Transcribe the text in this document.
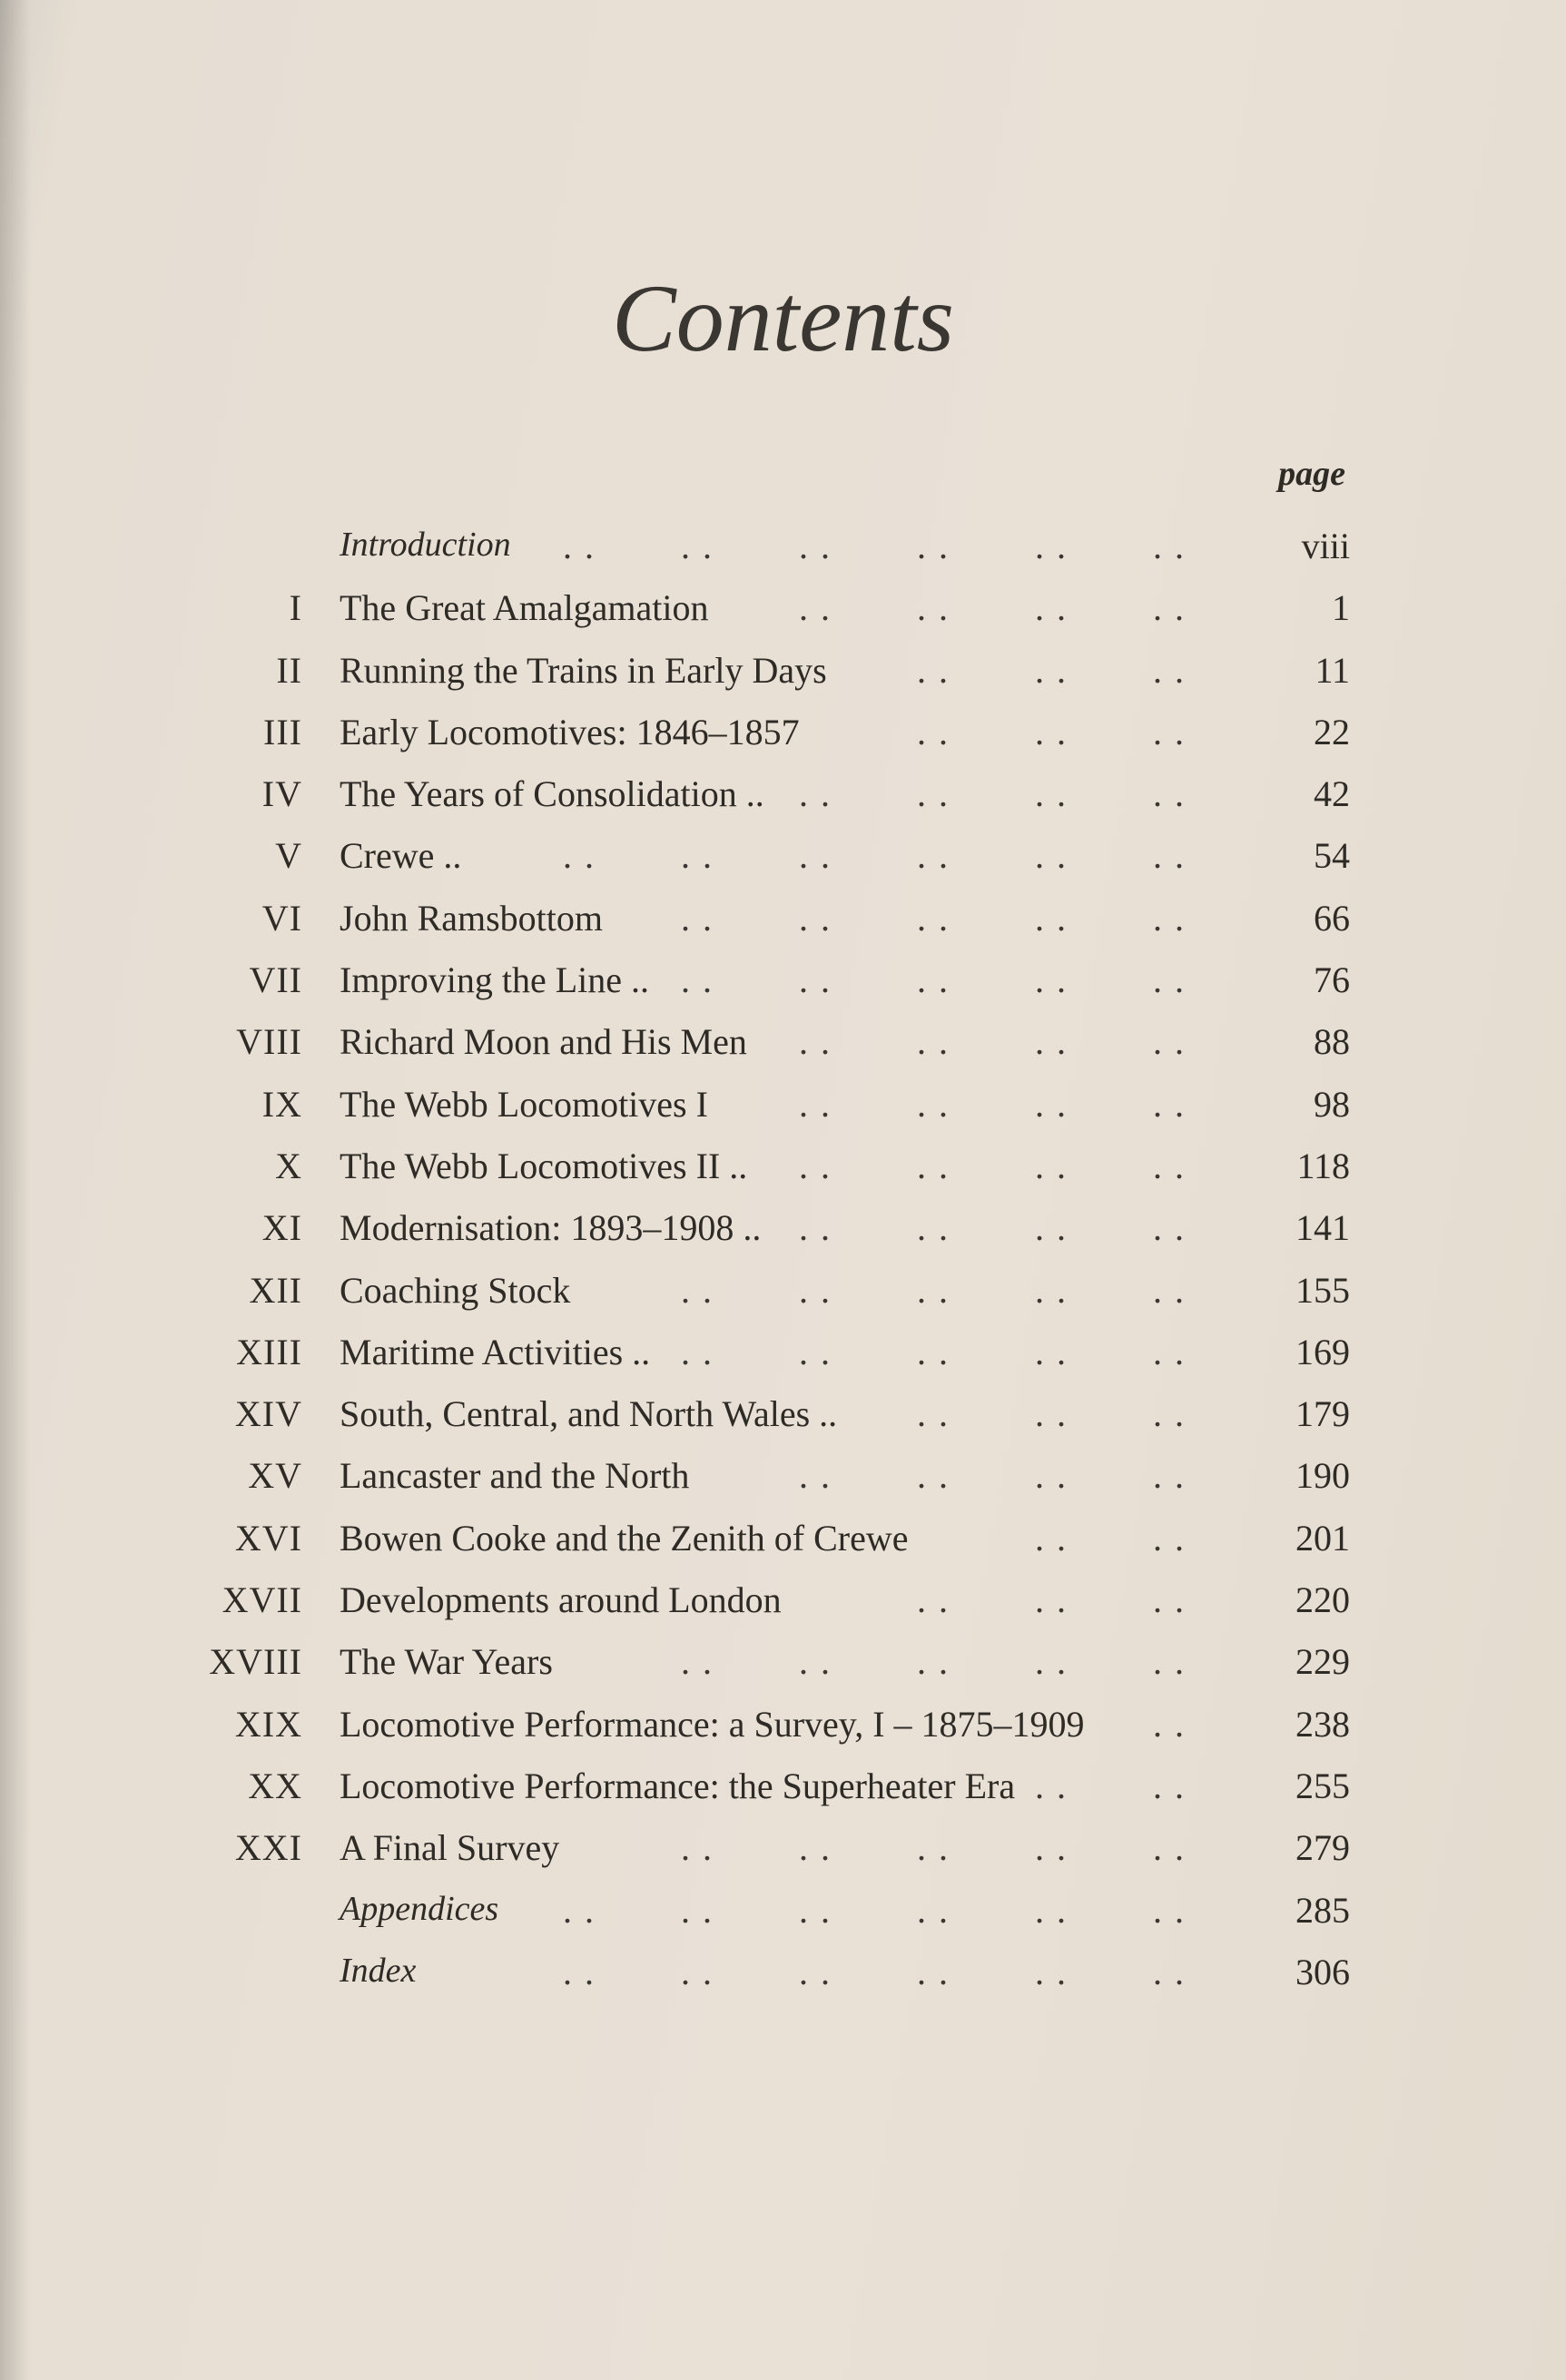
Contents
page
Introduction	viii
. . . . . . . . . . . .
I The Great Amalgamation	1
. . . . . . . .
II Running the Trains in Early Days	11
. . . . . .
III Early Locomotives: 1846–1857	22
. . . . . .
IV The Years of Consolidation ..	42
. . . . . . . .
V Crewe ..	54
. . . . . . . . . . . .
VI John Ramsbottom	66
. . . . . . . . . .
VII Improving the Line ..	76
. . . . . . . . . .
VIII Richard Moon and His Men	88
. . . . . . . .
IX The Webb Locomotives I	98
. . . . . . . .
X The Webb Locomotives II ..	118
. . . . . . . .
XI Modernisation: 1893–1908 ..	141
. . . . . . . .
XII Coaching Stock	155
. . . . . . . . . .
XIII Maritime Activities ..	169
. . . . . . . . . .
XIV South, Central, and North Wales ..	179
. . . . . .
XV Lancaster and the North	190
. . . . . . . .
XVI Bowen Cooke and the Zenith of Crewe	201
. . . .
XVII Developments around London	220
. . . . . .
XVIII The War Years	229
. . . . . . . . . .
XIX Locomotive Performance: a Survey, I – 1875–1909	238
. .
XX Locomotive Performance: the Superheater Era	255
. . . .
XXI A Final Survey	279
. . . . . . . . . .
Appendices	285
. . . . . . . . . . . .
Index	306
. . . . . . . . . . . .
